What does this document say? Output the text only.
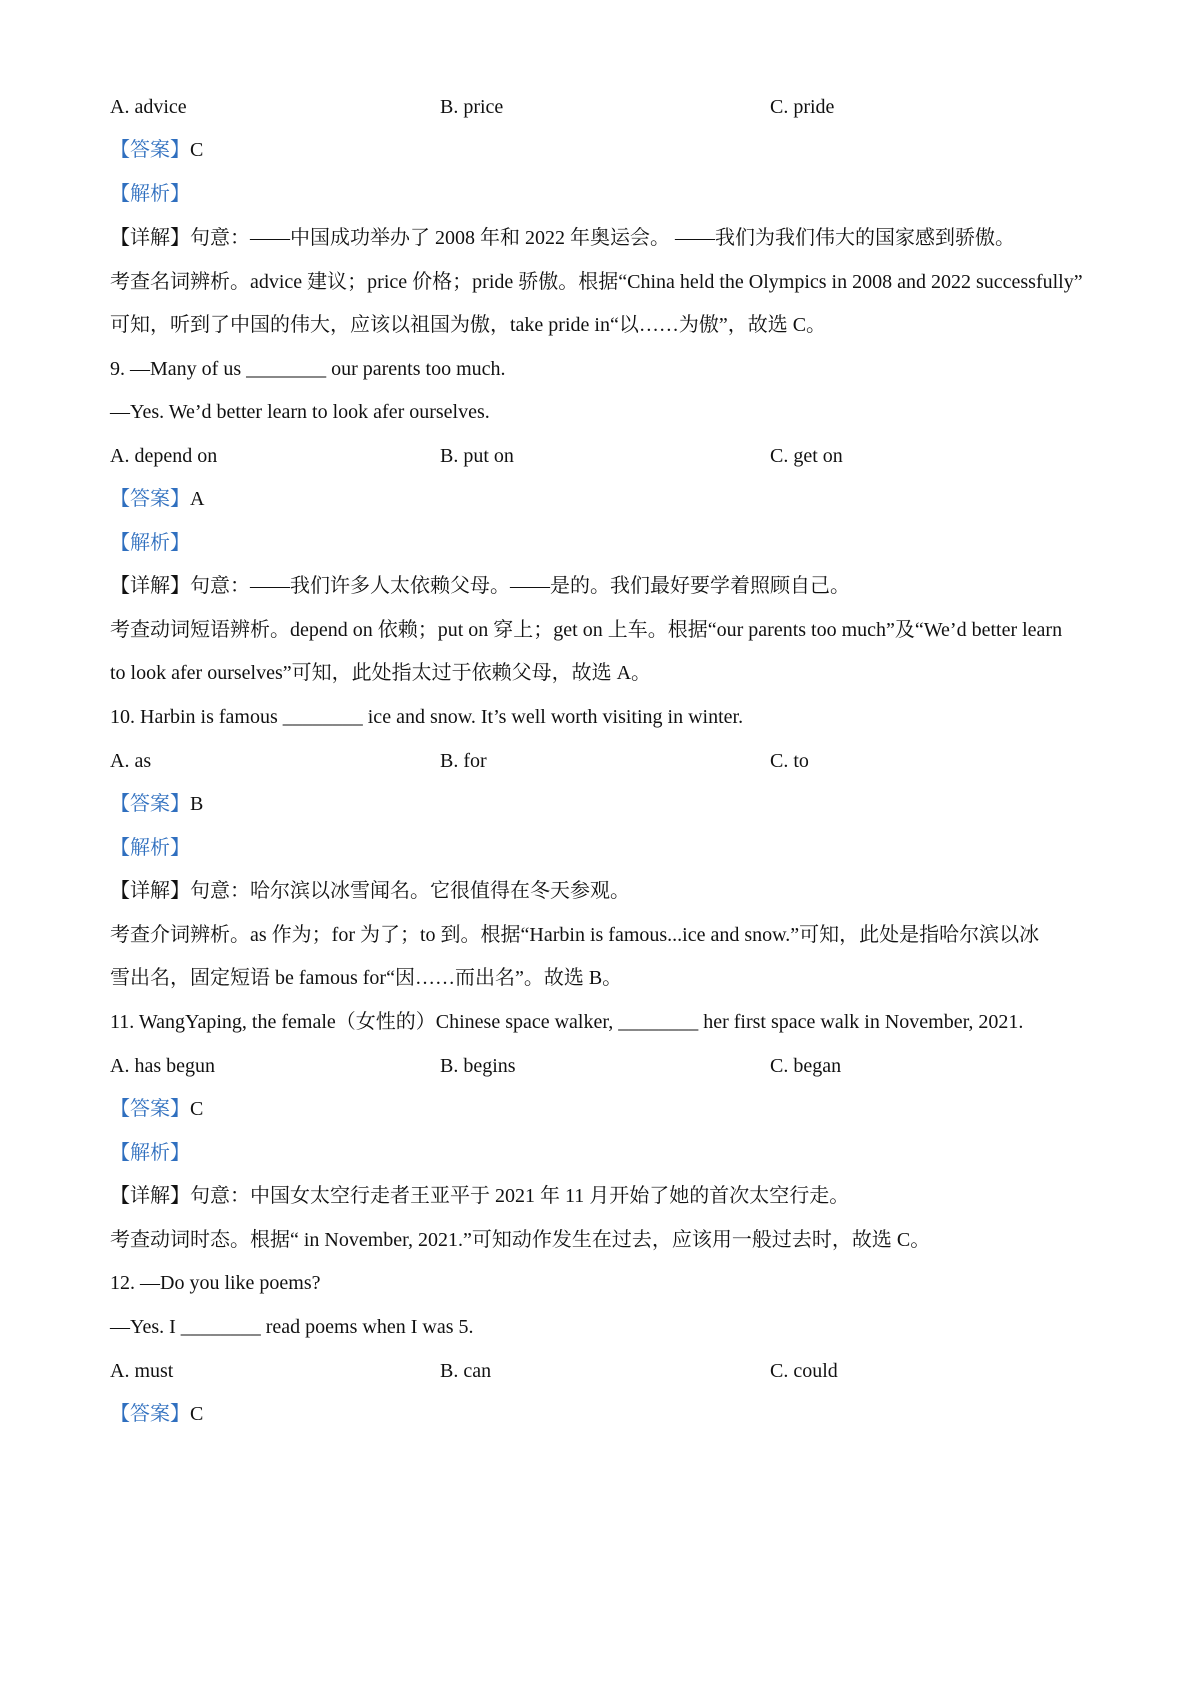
A. advice	B. price	C. pride
【答案】C
【解析】
【详解】句意：——中国成功举办了 2008 年和 2022 年奥运会。 ——我们为我们伟大的国家感到骄傲。
考查名词辨析。advice 建议；price 价格；pride 骄傲。根据“China held the Olympics in 2008 and 2022 successfully”
可知，听到了中国的伟大，应该以祖国为傲，take pride in“以……为傲”，故选 C。
9. —Many of us ________ our parents too much.
—Yes. We’d better learn to look afer ourselves.
A. depend on	B. put on	C. get on
【答案】A
【解析】
【详解】句意：——我们许多人太依赖父母。——是的。我们最好要学着照顾自己。
考查动词短语辨析。depend on 依赖；put on 穿上；get on 上车。根据“our parents too much”及“We’d better learn
to look afer ourselves”可知，此处指太过于依赖父母，故选 A。
10. Harbin is famous ________ ice and snow. It’s well worth visiting in winter.
A. as	B. for	C. to
【答案】B
【解析】
【详解】句意：哈尔滨以冰雪闻名。它很值得在冬天参观。
考查介词辨析。as 作为；for 为了；to 到。根据“Harbin is famous...ice and snow.”可知，此处是指哈尔滨以冰
雪出名，固定短语 be famous for“因……而出名”。故选 B。
11. WangYaping, the female（女性的）Chinese space walker, ________ her first space walk in November, 2021.
A. has begun	B. begins	C. began
【答案】C
【解析】
【详解】句意：中国女太空行走者王亚平于 2021 年 11 月开始了她的首次太空行走。
考查动词时态。根据“ in November, 2021.”可知动作发生在过去，应该用一般过去时，故选 C。
12. —Do you like poems?
—Yes. I ________ read poems when I was 5.
A. must	B. can	C. could
【答案】C
